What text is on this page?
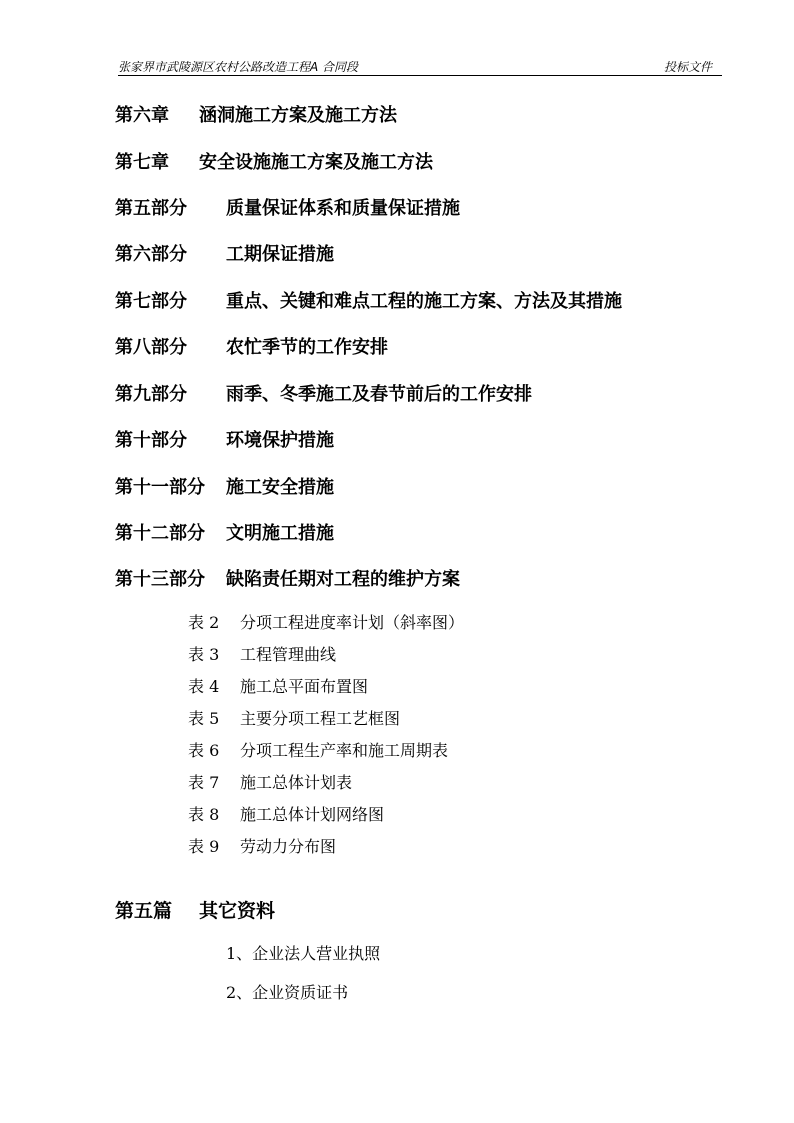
张家界市武陵源区农村公路改造工程A 合同段	投标文件
第六章 涵洞施工方案及施工方法
第七章 安全设施施工方案及施工方法
第五部分 质量保证体系和质量保证措施
第六部分 工期保证措施
第七部分 重点、关键和难点工程的施工方案、方法及其措施
第八部分 农忙季节的工作安排
第九部分 雨季、冬季施工及春节前后的工作安排
第十部分 环境保护措施
第十一部分 施工安全措施
第十二部分 文明施工措施
第十三部分 缺陷责任期对工程的维护方案
表 2 分项工程进度率计划（斜率图）
表 3 工程管理曲线
表 4 施工总平面布置图
表 5 主要分项工程工艺框图
表 6 分项工程生产率和施工周期表
表 7 施工总体计划表
表 8 施工总体计划网络图
表 9 劳动力分布图
第五篇 其它资料
1、企业法人营业执照
2、企业资质证书
